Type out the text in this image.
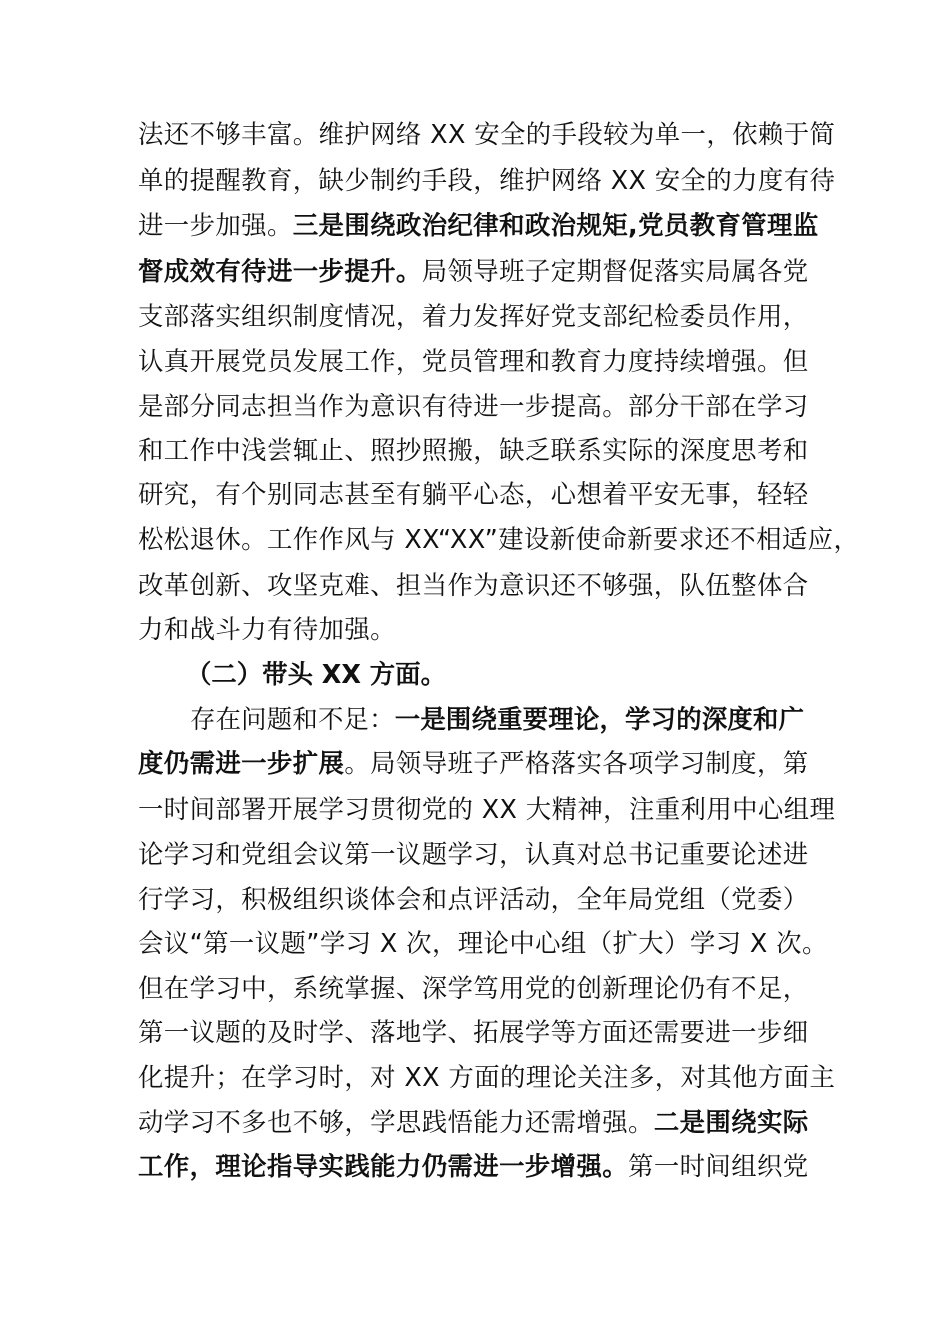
法还不够丰富。维护网络 XX 安全的手段较为单一，依赖于简
单的提醒教育，缺少制约手段，维护网络 XX 安全的力度有待
进一步加强。三是围绕政治纪律和政治规矩,党员教育管理监
督成效有待进一步提升。局领导班子定期督促落实局属各党
支部落实组织制度情况，着力发挥好党支部纪检委员作用，
认真开展党员发展工作，党员管理和教育力度持续增强。但
是部分同志担当作为意识有待进一步提高。部分干部在学习
和工作中浅尝辄止、照抄照搬，缺乏联系实际的深度思考和
研究，有个别同志甚至有躺平心态，心想着平安无事，轻轻
松松退休。工作作风与 XX“XX”建设新使命新要求还不相适应，
改革创新、攻坚克难、担当作为意识还不够强，队伍整体合
力和战斗力有待加强。
（二）带头 XX 方面。
存在问题和不足：一是围绕重要理论，学习的深度和广
度仍需进一步扩展。局领导班子严格落实各项学习制度，第
一时间部署开展学习贯彻党的 XX 大精神，注重利用中心组理
论学习和党组会议第一议题学习，认真对总书记重要论述进
行学习，积极组织谈体会和点评活动，全年局党组（党委）
会议“第一议题”学习 X 次，理论中心组（扩大）学习 X 次。
但在学习中，系统掌握、深学笃用党的创新理论仍有不足，
第一议题的及时学、落地学、拓展学等方面还需要进一步细
化提升；在学习时，对 XX 方面的理论关注多，对其他方面主
动学习不多也不够，学思践悟能力还需增强。二是围绕实际
工作，理论指导实践能力仍需进一步增强。第一时间组织党
